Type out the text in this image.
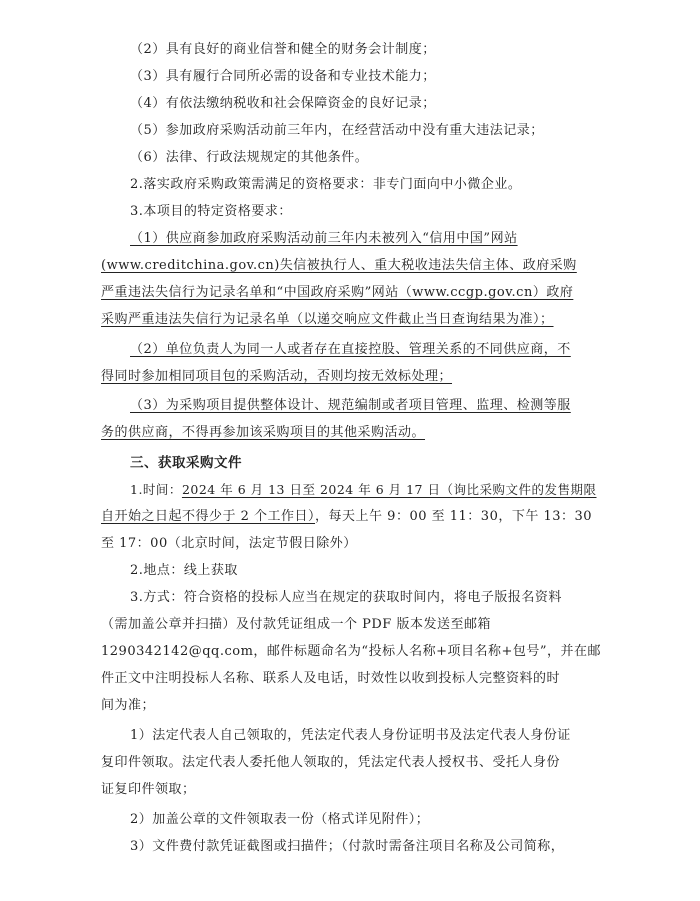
（2）具有良好的商业信誉和健全的财务会计制度；
（3）具有履行合同所必需的设备和专业技术能力；
（4）有依法缴纳税收和社会保障资金的良好记录；
（5）参加政府采购活动前三年内，在经营活动中没有重大违法记录；
（6）法律、行政法规规定的其他条件。
2.落实政府采购政策需满足的资格要求：非专门面向中小微企业。
3.本项目的特定资格要求：
（1）供应商参加政府采购活动前三年内未被列入“信用中国”网站
(www.creditchina.gov.cn)失信被执行人、重大税收违法失信主体、政府采购
严重违法失信行为记录名单和“中国政府采购”网站（www.ccgp.gov.cn）政府
采购严重违法失信行为记录名单（以递交响应文件截止当日查询结果为准）；
（2）单位负责人为同一人或者存在直接控股、管理关系的不同供应商，不
得同时参加相同项目包的采购活动，否则均按无效标处理；
（3）为采购项目提供整体设计、规范编制或者项目管理、监理、检测等服
务的供应商，不得再参加该采购项目的其他采购活动。
三、获取采购文件
1.时间：2024 年 6 月 13 日至 2024 年 6 月 17 日（询比采购文件的发售期限
自开始之日起不得少于 2 个工作日），每天上午 9：00 至 11：30，下午 13：30
至 17：00（北京时间，法定节假日除外）
2.地点：线上获取
3.方式：符合资格的投标人应当在规定的获取时间内，将电子版报名资料
（需加盖公章并扫描）及付款凭证组成一个 PDF 版本发送至邮箱
1290342142@qq.com，邮件标题命名为“投标人名称+项目名称+包号”，并在邮
件正文中注明投标人名称、联系人及电话，时效性以收到投标人完整资料的时
间为准；
1）法定代表人自己领取的，凭法定代表人身份证明书及法定代表人身份证
复印件领取。法定代表人委托他人领取的，凭法定代表人授权书、受托人身份
证复印件领取；
2）加盖公章的文件领取表一份（格式详见附件）；
3）文件费付款凭证截图或扫描件；（付款时需备注项目名称及公司简称，
